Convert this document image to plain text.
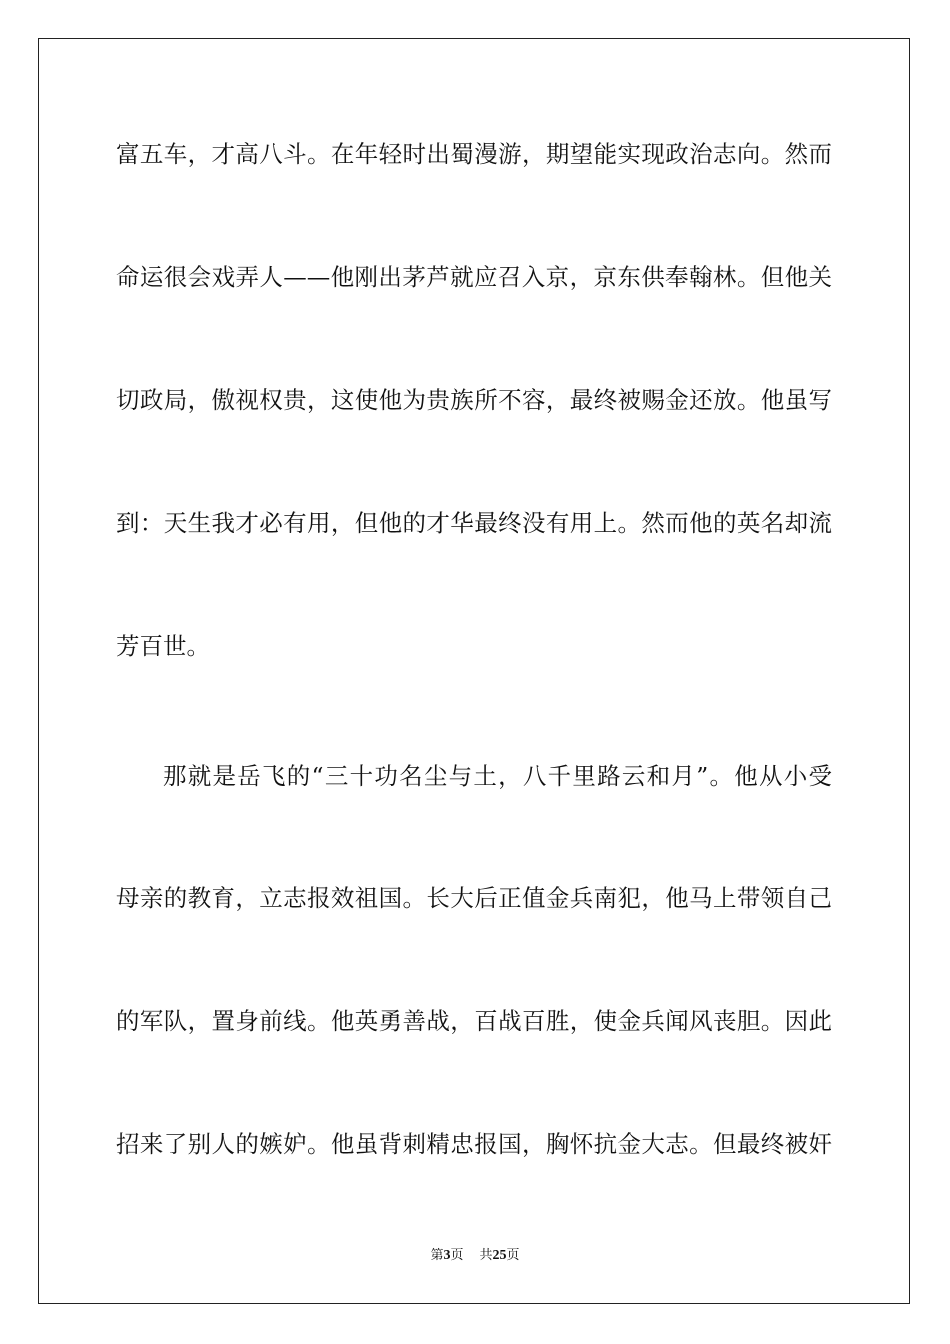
富五车，才高八斗。在年轻时出蜀漫游，期望能实现政治志向。然而
命运很会戏弄人——他刚出茅芦就应召入京，京东供奉翰林。但他关
切政局，傲视权贵，这使他为贵族所不容，最终被赐金还放。他虽写
到：天生我才必有用，但他的才华最终没有用上。然而他的英名却流
芳百世。
那就是岳飞的“三十功名尘与土，八千里路云和月”。他从小受
母亲的教育，立志报效祖国。长大后正值金兵南犯，他马上带领自己
的军队，置身前线。他英勇善战，百战百胜，使金兵闻风丧胆。因此
招来了别人的嫉妒。他虽背刺精忠报国，胸怀抗金大志。但最终被奸
第3页 共25页
